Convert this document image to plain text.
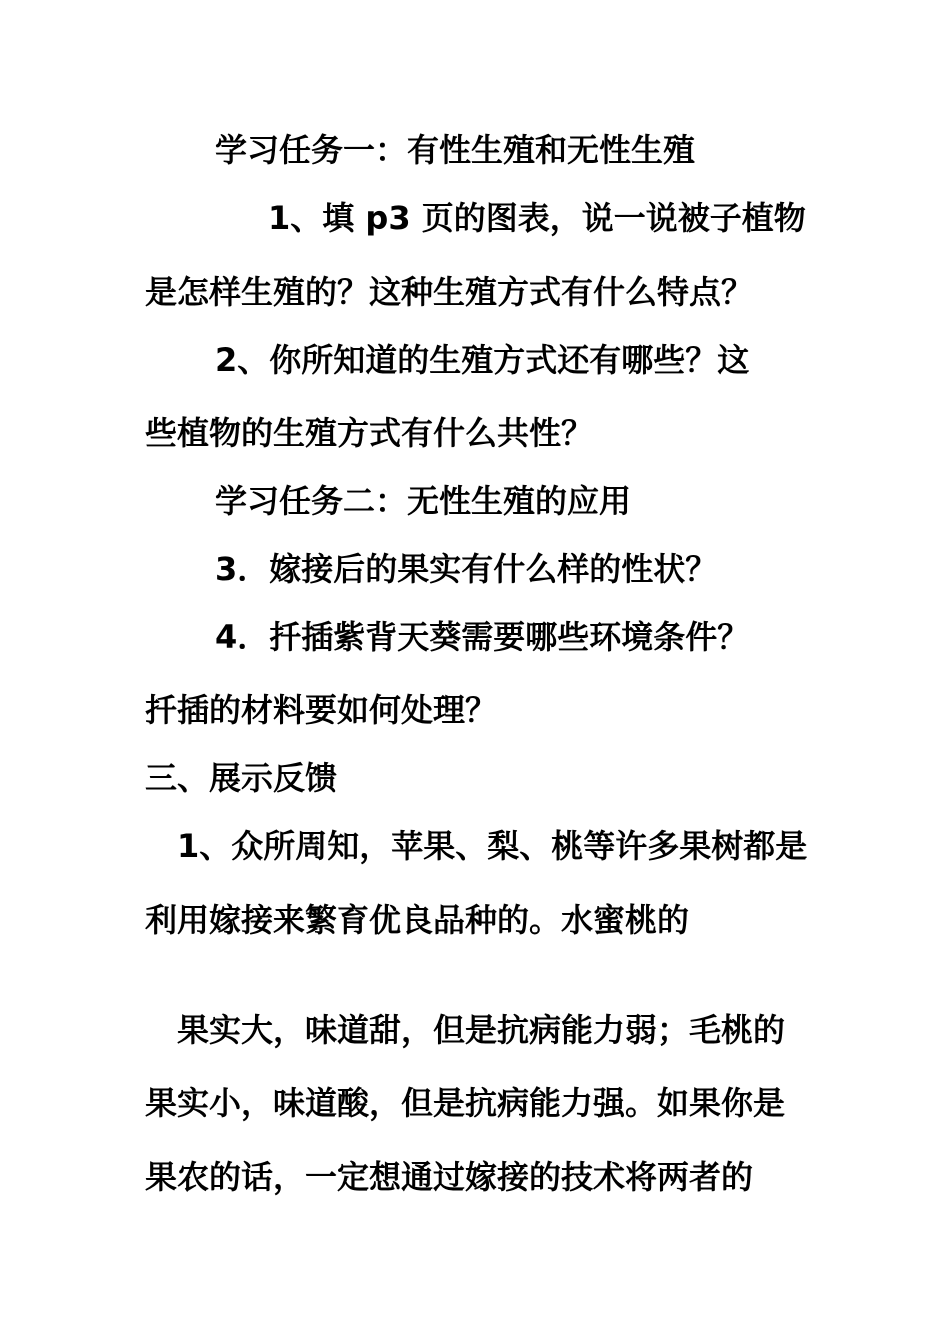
学习任务一：有性生殖和无性生殖
1、填 p3 页的图表，说一说被子植物
是怎样生殖的？这种生殖方式有什么特点？
2、你所知道的生殖方式还有哪些？这
些植物的生殖方式有什么共性？
学习任务二：无性生殖的应用
3．嫁接后的果实有什么样的性状？
4．扦插紫背天葵需要哪些环境条件？
扦插的材料要如何处理？
三、展示反馈
1、众所周知，苹果、梨、桃等许多果树都是
利用嫁接来繁育优良品种的。水蜜桃的
果实大，味道甜，但是抗病能力弱；毛桃的
果实小，味道酸，但是抗病能力强。如果你是
果农的话，一定想通过嫁接的技术将两者的
